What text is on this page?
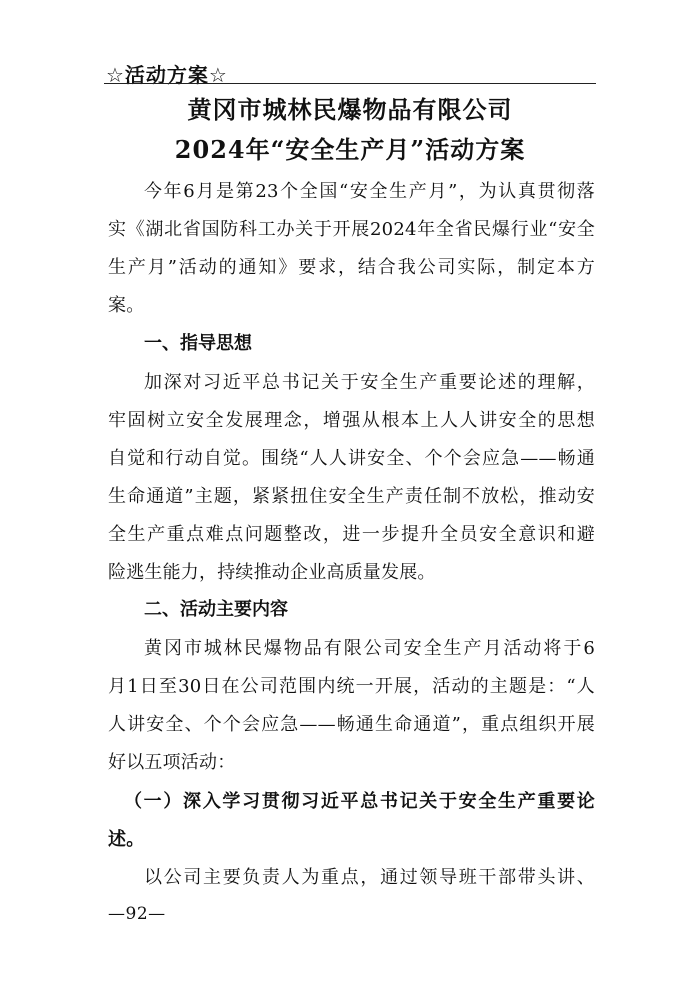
☆活动方案☆
黄冈市城林民爆物品有限公司
2024年“安全生产月”活动方案
今年6月是第23个全国“安全生产月”，为认真贯彻落
实《湖北省国防科工办关于开展2024年全省民爆行业“安全
生产月”活动的通知》要求，结合我公司实际，制定本方
案。
一、指导思想
加深对习近平总书记关于安全生产重要论述的理解，
牢固树立安全发展理念，增强从根本上人人讲安全的思想
自觉和行动自觉。围绕“人人讲安全、个个会应急——畅通
生命通道”主题，紧紧扭住安全生产责任制不放松，推动安
全生产重点难点问题整改，进一步提升全员安全意识和避
险逃生能力，持续推动企业高质量发展。
二、活动主要内容
黄冈市城林民爆物品有限公司安全生产月活动将于6
月1日至30日在公司范围内统一开展，活动的主题是：“人
人讲安全、个个会应急——畅通生命通道”，重点组织开展
好以五项活动：
（一）深入学习贯彻习近平总书记关于安全生产重要论
述。
以公司主要负责人为重点，通过领导班干部带头讲、
—92—
